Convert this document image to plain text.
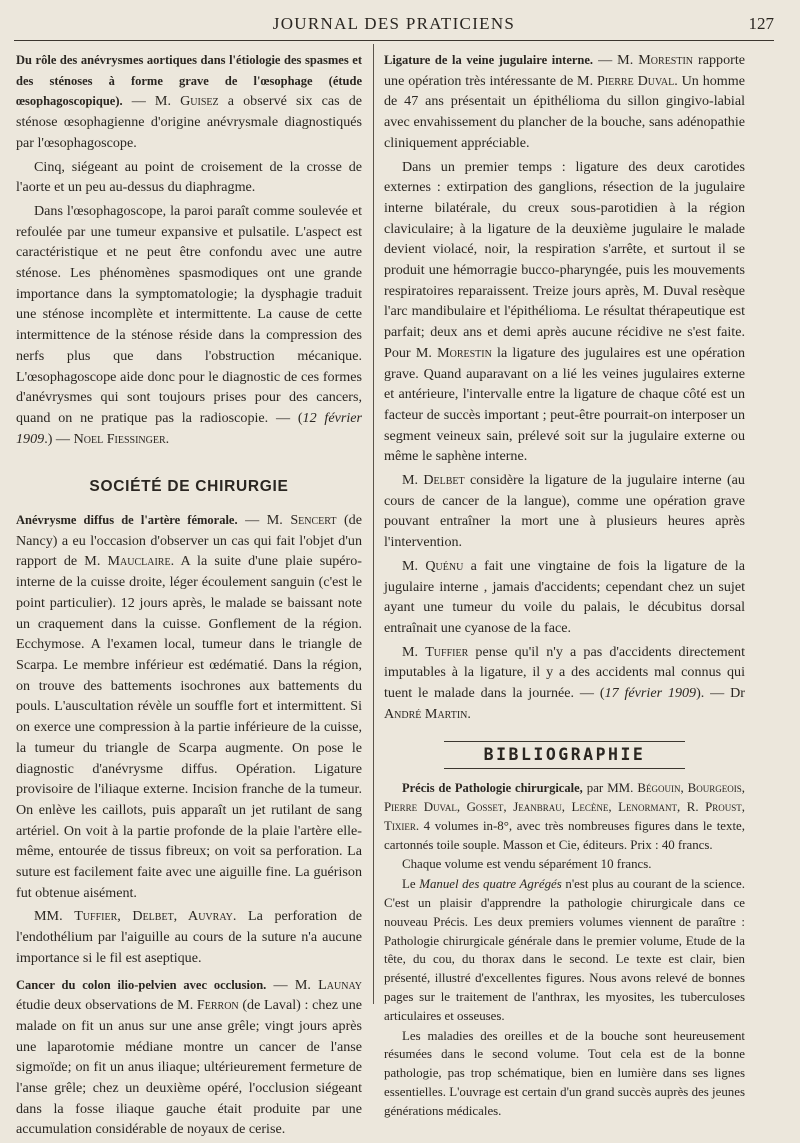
JOURNAL DES PRATICIENS	127

Du rôle des anévrysmes aortiques dans l'étiologie des spasmes et des sténoses à forme grave de l'œsophage (étude œsophagoscopique). — M. Guisez a observé six cas de sténose œsophagienne d'origine anévrysmale diagnostiqués par l'œsophagoscope.

Cinq, siégeant au point de croisement de la crosse de l'aorte et un peu au-dessus du diaphragme.

Dans l'œsophagoscope, la paroi paraît comme soulevée et refoulée par une tumeur expansive et pulsatile. L'aspect est caractéristique et ne peut être confondu avec une autre sténose. Les phénomènes spasmodiques ont une grande importance dans la symptomatologie; la dysphagie traduit une sténose incomplète et intermittente. La cause de cette intermittence de la sténose réside dans la compression des nerfs plus que dans l'obstruction mécanique. L'œsophagoscope aide donc pour le diagnostic de ces formes d'anévrysmes qui sont toujours prises pour des cancers, quand on ne pratique pas la radioscopie. — (12 février 1909.) — Noel Fiessinger.

SOCIÉTÉ DE CHIRURGIE

Anévrysme diffus de l'artère fémorale. — M. Sencert (de Nancy) a eu l'occasion d'observer un cas qui fait l'objet d'un rapport de M. Mauclaire. A la suite d'une plaie supéro-interne de la cuisse droite, léger écoulement sanguin (c'est le point particulier). 12 jours après, le malade se baissant note un craquement dans la cuisse. Gonflement de la région. Ecchymose. A l'examen local, tumeur dans le triangle de Scarpa. Le membre inférieur est œdématié. Dans la région, on trouve des battements isochrones aux battements du pouls. L'auscultation révèle un souffle fort et intermittent. Si on exerce une compression à la partie inférieure de la cuisse, la tumeur du triangle de Scarpa augmente. On pose le diagnostic d'anévrysme diffus. Opération. Ligature provisoire de l'iliaque externe. Incision franche de la tumeur. On enlève les caillots, puis apparaît un jet rutilant de sang artériel. On voit à la partie profonde de la plaie l'artère elle-même, entourée de tissus fibreux; on voit sa perforation. La suture est facilement faite avec une aiguille fine. La guérison fut obtenue aisément.

MM. Tuffier, Delbet, Auvray. La perforation de l'endothélium par l'aiguille au cours de la suture n'a aucune importance si le fil est aseptique.

Cancer du colon ilio-pelvien avec occlusion. — M. Launay étudie deux observations de M. Ferron (de Laval) : chez une malade on fit un anus sur une anse grêle; vingt jours après une laparotomie médiane montre un cancer de l'anse sigmoïde; on fit un anus iliaque; ultérieurement fermeture de l'anse grêle; chez un deuxième opéré, l'occlusion siégeant dans la fosse iliaque gauche était produite par une accumulation considérable de noyaux de cerise.

Ligature de la veine jugulaire interne. — M. Morestin rapporte une opération très intéressante de M. Pierre Duval. Un homme de 47 ans présentait un épithélioma du sillon gingivo-labial avec envahissement du plancher de la bouche, sans adénopathie cliniquement appréciable.

Dans un premier temps : ligature des deux carotides externes : extirpation des ganglions, résection de la jugulaire interne bilatérale, du creux sous-parotidien à la région claviculaire; à la ligature de la deuxième jugulaire le malade devient violacé, noir, la respiration s'arrête, et surtout il se produit une hémorragie bucco-pharyngée, puis les mouvements respiratoires reparaissent. Treize jours après, M. Duval resèque l'arc mandibulaire et l'épithélioma. Le résultat thérapeutique est parfait; deux ans et demi après aucune récidive ne s'est faite. Pour M. Morestin la ligature des jugulaires est une opération grave. Quand auparavant on a lié les veines jugulaires externe et antérieure, l'intervalle entre la ligature de chaque côté est un facteur de succès important ; peut-être pourrait-on interposer un segment veineux sain, prélevé soit sur la jugulaire externe ou même le saphène interne.

M. Delbet considère la ligature de la jugulaire interne (au cours de cancer de la langue), comme une opération grave pouvant entraîner la mort une à plusieurs heures après l'intervention.

M. Quénu a fait une vingtaine de fois la ligature de la jugulaire interne , jamais d'accidents; cependant chez un sujet ayant une tumeur du voile du palais, le décubitus dorsal entraînait une cyanose de la face.

M. Tuffier pense qu'il n'y a pas d'accidents directement imputables à la ligature, il y a des accidents mal connus qui tuent le malade dans la journée. — (17 février 1909). — Dr André Martin.

BIBLIOGRAPHIE

Précis de Pathologie chirurgicale, par MM. Bégouin, Bourgeois, Pierre Duval, Gosset, Jeanbrau, Lecène, Lenormant, R. Proust, Tixier. 4 volumes in-8°, avec très nombreuses figures dans le texte, cartonnés toile souple. Masson et Cie, éditeurs. Prix : 40 francs.

Chaque volume est vendu séparément 10 francs.

Le Manuel des quatre Agrégés n'est plus au courant de la science. C'est un plaisir d'apprendre la pathologie chirurgicale dans ce nouveau Précis. Les deux premiers volumes viennent de paraître : Pathologie chirurgicale générale dans le premier volume, Etude de la tête, du cou, du thorax dans le second. Le texte est clair, bien présenté, illustré d'excellentes figures. Nous avons relevé de bonnes pages sur le traitement de l'anthrax, les myosites, les tuberculoses articulaires et osseuses.

Les maladies des oreilles et de la bouche sont heureusement résumées dans le second volume. Tout cela est de la bonne pathologie, pas trop schématique, bien en lumière dans ses lignes essentielles. L'ouvrage est certain d'un grand succès auprès des jeunes générations médicales.
